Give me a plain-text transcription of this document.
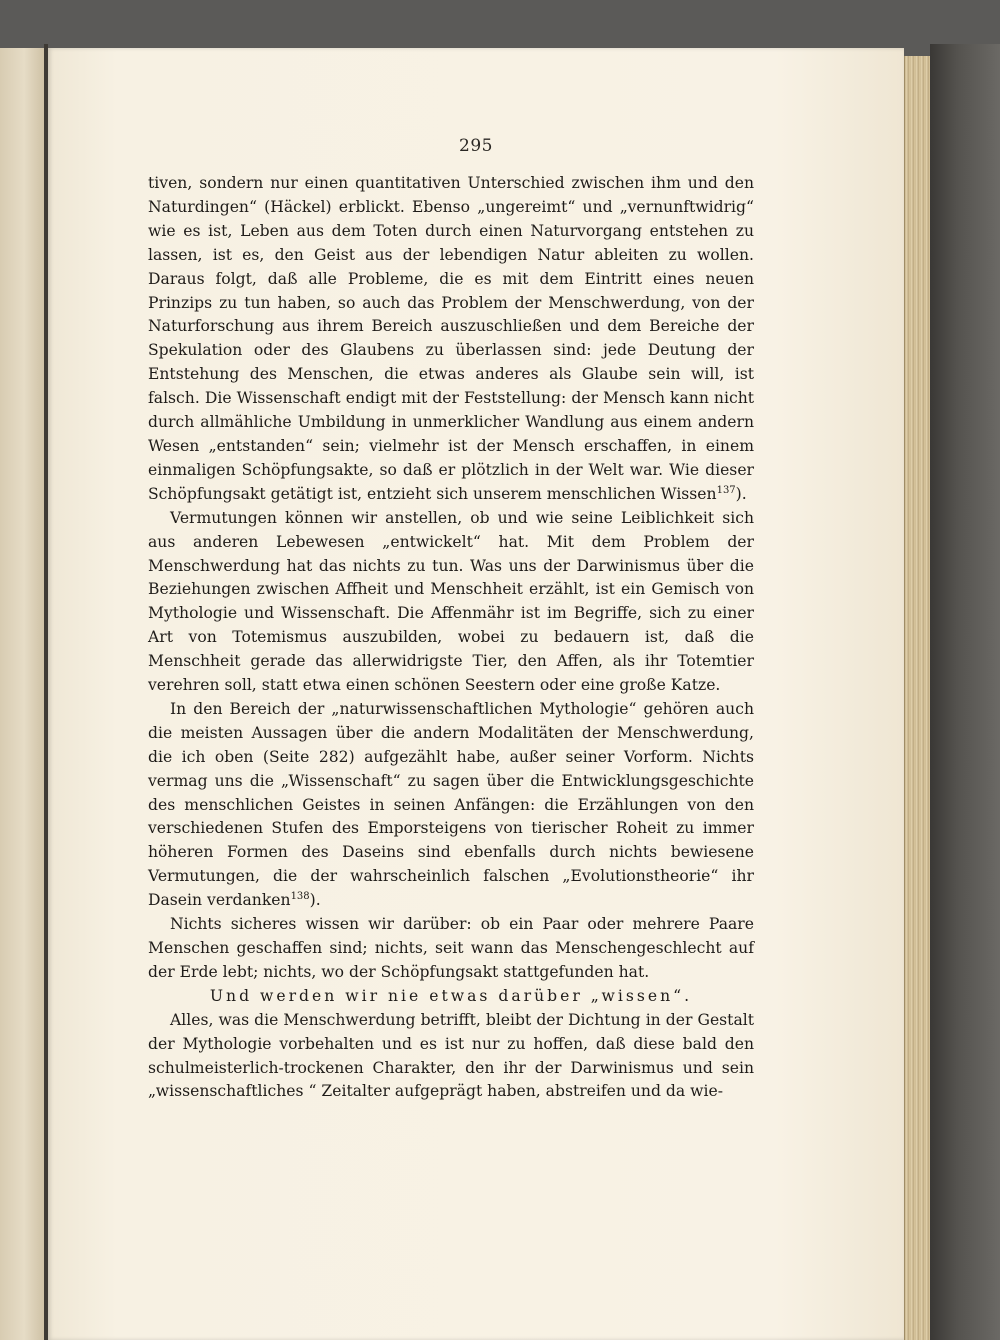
295

tiven, sondern nur einen quantitativen Unterschied zwischen ihm und den Naturdingen“ (Häckel) erblickt. Ebenso „ungereimt“ und „vernunftwidrig“ wie es ist, Leben aus dem Toten durch einen Naturvorgang entstehen zu lassen, ist es, den Geist aus der lebendigen Natur ableiten zu wollen. Daraus folgt, daß alle Probleme, die es mit dem Eintritt eines neuen Prinzips zu tun haben, so auch das Problem der Menschwerdung, von der Naturforschung aus ihrem Bereich auszuschließen und dem Bereiche der Spekulation oder des Glaubens zu überlassen sind: jede Deutung der Entstehung des Menschen, die etwas anderes als Glaube sein will, ist falsch. Die Wissenschaft endigt mit der Feststellung: der Mensch kann nicht durch allmähliche Umbildung in unmerklicher Wandlung aus einem andern Wesen „entstanden“ sein; vielmehr ist der Mensch erschaffen, in einem einmaligen Schöpfungsakte, so daß er plötzlich in der Welt war. Wie dieser Schöpfungsakt getätigt ist, entzieht sich unserem menschlichen Wissen$^{137}$).

Vermutungen können wir anstellen, ob und wie seine Leiblichkeit sich aus anderen Lebewesen „entwickelt“ hat. Mit dem Problem der Menschwerdung hat das nichts zu tun. Was uns der Darwinismus über die Beziehungen zwischen Affheit und Menschheit erzählt, ist ein Gemisch von Mythologie und Wissenschaft. Die Affenmähr ist im Begriffe, sich zu einer Art von Totemismus auszubilden, wobei zu bedauern ist, daß die Menschheit gerade das allerwidrigste Tier, den Affen, als ihr Totemtier verehren soll, statt etwa einen schönen Seestern oder eine große Katze.

In den Bereich der „naturwissenschaftlichen Mythologie“ gehören auch die meisten Aussagen über die andern Modalitäten der Menschwerdung, die ich oben (Seite 282) aufgezählt habe, außer seiner Vorform. Nichts vermag uns die „Wissenschaft“ zu sagen über die Entwicklungsgeschichte des menschlichen Geistes in seinen Anfängen: die Erzählungen von den verschiedenen Stufen des Emporsteigens von tierischer Roheit zu immer höheren Formen des Daseins sind ebenfalls durch nichts bewiesene Vermutungen, die der wahrscheinlich falschen „Evolutionstheorie“ ihr Dasein verdanken$^{138}$).

Nichts sicheres wissen wir darüber: ob ein Paar oder mehrere Paare Menschen geschaffen sind; nichts, seit wann das Menschengeschlecht auf der Erde lebt; nichts, wo der Schöpfungsakt stattgefunden hat.

Und werden wir nie etwas darüber „wissen“.

Alles, was die Menschwerdung betrifft, bleibt der Dichtung in der Gestalt der Mythologie vorbehalten und es ist nur zu hoffen, daß diese bald den schulmeisterlich-trockenen Charakter, den ihr der Darwinismus und sein „wissenschaftliches “ Zeitalter aufgeprägt haben, abstreifen und da wie-
